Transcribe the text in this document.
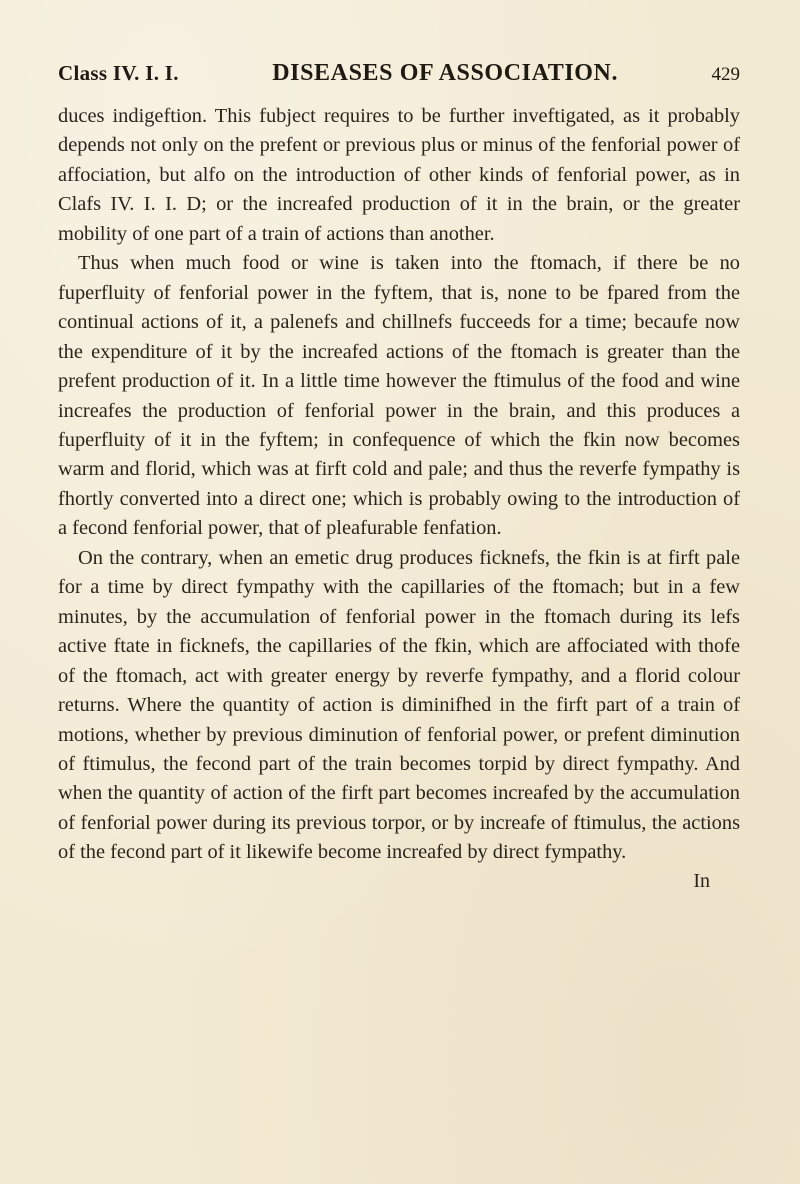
Class IV. I. I.	DISEASES OF ASSOCIATION.	429

duces indigeftion. This fubject requires to be further inveftigated, as it probably depends not only on the prefent or previous plus or minus of the fenforial power of affociation, but alfo on the introduction of other kinds of fenforial power, as in Clafs IV. I. I. D; or the increafed production of it in the brain, or the greater mobility of one part of a train of actions than another.

Thus when much food or wine is taken into the ftomach, if there be no fuperfluity of fenforial power in the fyftem, that is, none to be fpared from the continual actions of it, a palenefs and chillnefs fucceeds for a time; becaufe now the expenditure of it by the increafed actions of the ftomach is greater than the prefent production of it. In a little time however the ftimulus of the food and wine increafes the production of fenforial power in the brain, and this produces a fuperfluity of it in the fyftem; in confequence of which the fkin now becomes warm and florid, which was at firft cold and pale; and thus the reverfe fympathy is fhortly converted into a direct one; which is probably owing to the introduction of a fecond fenforial power, that of pleafurable fenfation.

On the contrary, when an emetic drug produces ficknefs, the fkin is at firft pale for a time by direct fympathy with the capillaries of the ftomach; but in a few minutes, by the accumulation of fenforial power in the ftomach during its lefs active ftate in ficknefs, the capillaries of the fkin, which are affociated with thofe of the ftomach, act with greater energy by reverfe fympathy, and a florid colour returns. Where the quantity of action is diminifhed in the firft part of a train of motions, whether by previous diminution of fenforial power, or prefent diminution of ftimulus, the fecond part of the train becomes torpid by direct fympathy. And when the quantity of action of the firft part becomes increafed by the accumulation of fenforial power during its previous torpor, or by increafe of ftimulus, the actions of the fecond part of it likewife become increafed by direct fympathy.

In
